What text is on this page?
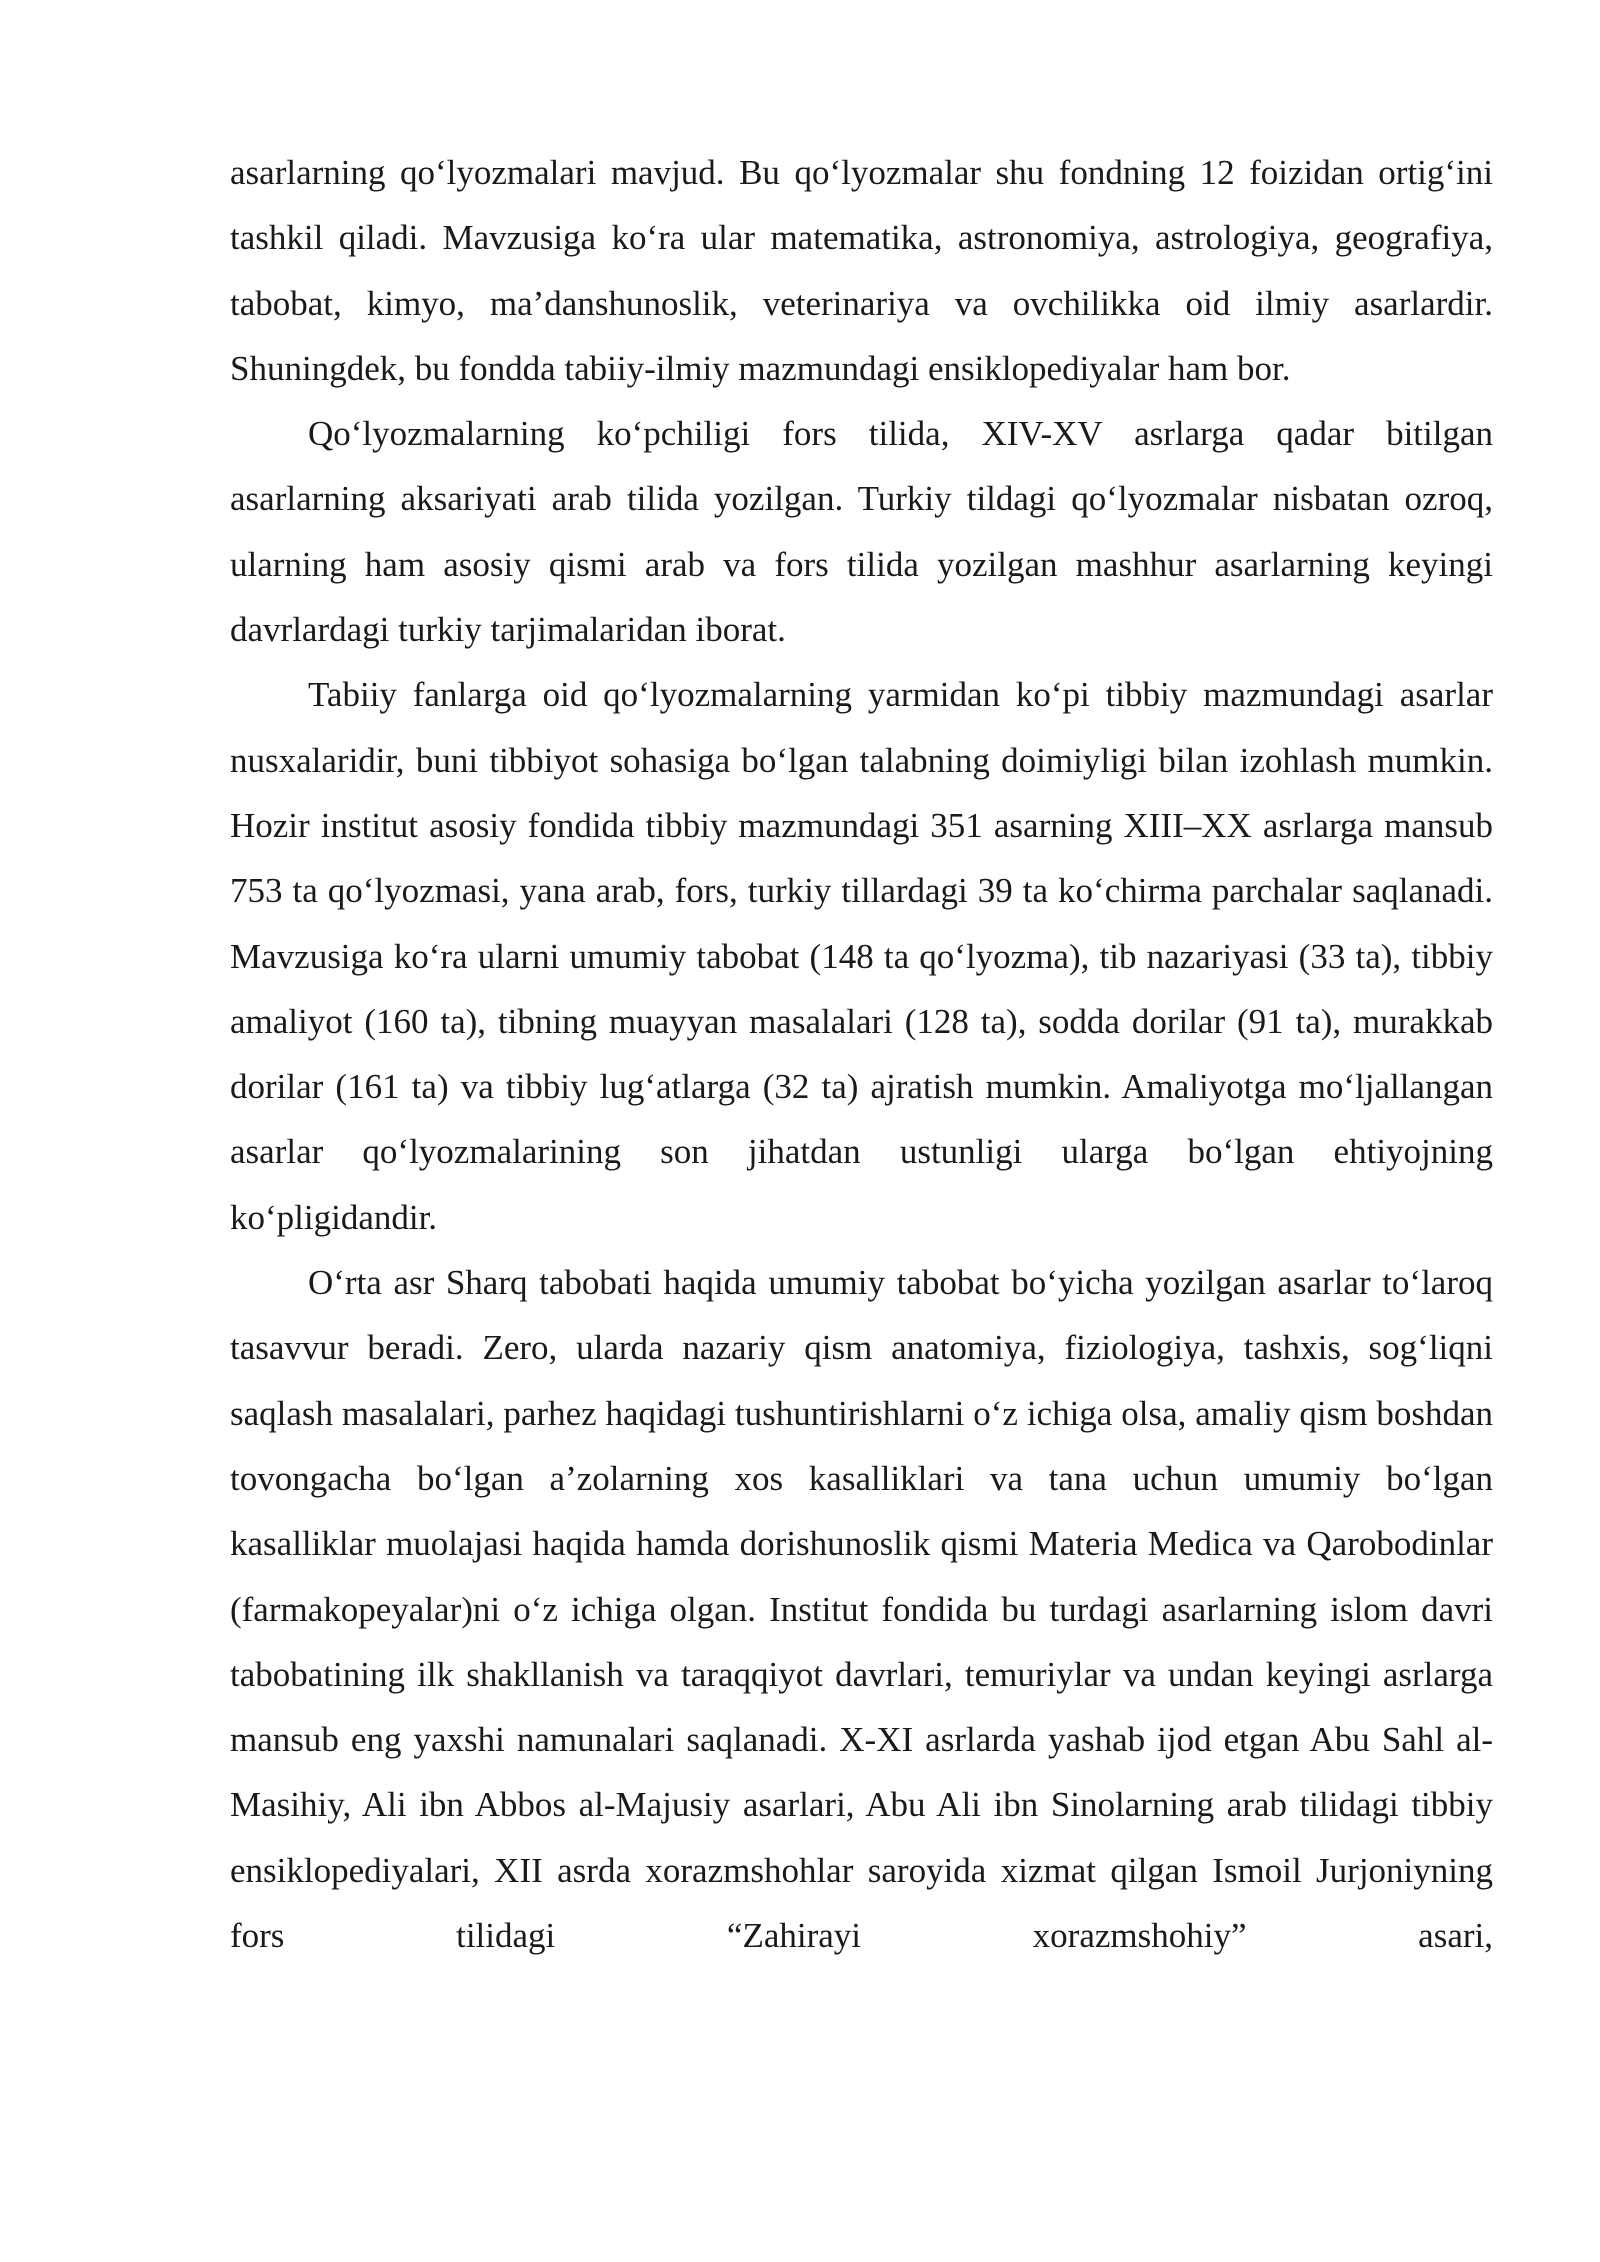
asarlarning qo‘lyozmalari mavjud. Bu qo‘lyozmalar shu fondning 12 foizidan ortig‘ini tashkil qiladi. Mavzusiga ko‘ra ular matematika, astronomiya, astrologiya, geografiya, tabobat, kimyo, ma’danshunoslik, veterinariya va ovchilikka oid ilmiy asarlardir. Shuningdek, bu fondda tabiiy-ilmiy mazmundagi ensiklopediyalar ham bor.

Qo‘lyozmalarning ko‘pchiligi fors tilida, XIV-XV asrlarga qadar bitilgan asarlarning aksariyati arab tilida yozilgan. Turkiy tildagi qo‘lyozmalar nisbatan ozroq, ularning ham asosiy qismi arab va fors tilida yozilgan mashhur asarlarning keyingi davrlardagi turkiy tarjimalaridan iborat.

Tabiiy fanlarga oid qo‘lyozmalarning yarmidan ko‘pi tibbiy mazmundagi asarlar nusxalaridir, buni tibbiyot sohasiga bo‘lgan talabning doimiyligi bilan izohlash mumkin. Hozir institut asosiy fondida tibbiy mazmundagi 351 asarning XIII–XX asrlarga mansub 753 ta qo‘lyozmasi, yana arab, fors, turkiy tillardagi 39 ta ko‘chirma parchalar saqlanadi. Mavzusiga ko‘ra ularni umumiy tabobat (148 ta qo‘lyozma), tib nazariyasi (33 ta), tibbiy amaliyot (160 ta), tibning muayyan masalalari (128 ta), sodda dorilar (91 ta), murakkab dorilar (161 ta) va tibbiy lug‘atlarga (32 ta) ajratish mumkin. Amaliyotga mo‘ljallangan asarlar qo‘lyozmalarining son jihatdan ustunligi ularga bo‘lgan ehtiyojning ko‘pligidandir.

O‘rta asr Sharq tabobati haqida umumiy tabobat bo‘yicha yozilgan asarlar to‘laroq tasavvur beradi. Zero, ularda nazariy qism anatomiya, fiziologiya, tashxis, sog‘liqni saqlash masalalari, parhez haqidagi tushuntirishlarni o‘z ichiga olsa, amaliy qism boshdan tovongacha bo‘lgan a’zolarning xos kasalliklari va tana uchun umumiy bo‘lgan kasalliklar muolajasi haqida hamda dorishunoslik qismi Materia Medica va Qarobodinlar (farmakopeyalar)ni o‘z ichiga olgan. Institut fondida bu turdagi asarlarning islom davri tabobatining ilk shakllanish va taraqqiyot davrlari, temuriylar va undan keyingi asrlarga mansub eng yaxshi namunalari saqlanadi. X-XI asrlarda yashab ijod etgan Abu Sahl al-Masihiy, Ali ibn Abbos al-Majusiy asarlari, Abu Ali ibn Sinolarning arab tilidagi tibbiy ensiklopediyalari, XII asrda xorazmshohlar saroyida xizmat qilgan Ismoil Jurjoniyning fors tilidagi “Zahirayi xorazmshohiy” asari,
